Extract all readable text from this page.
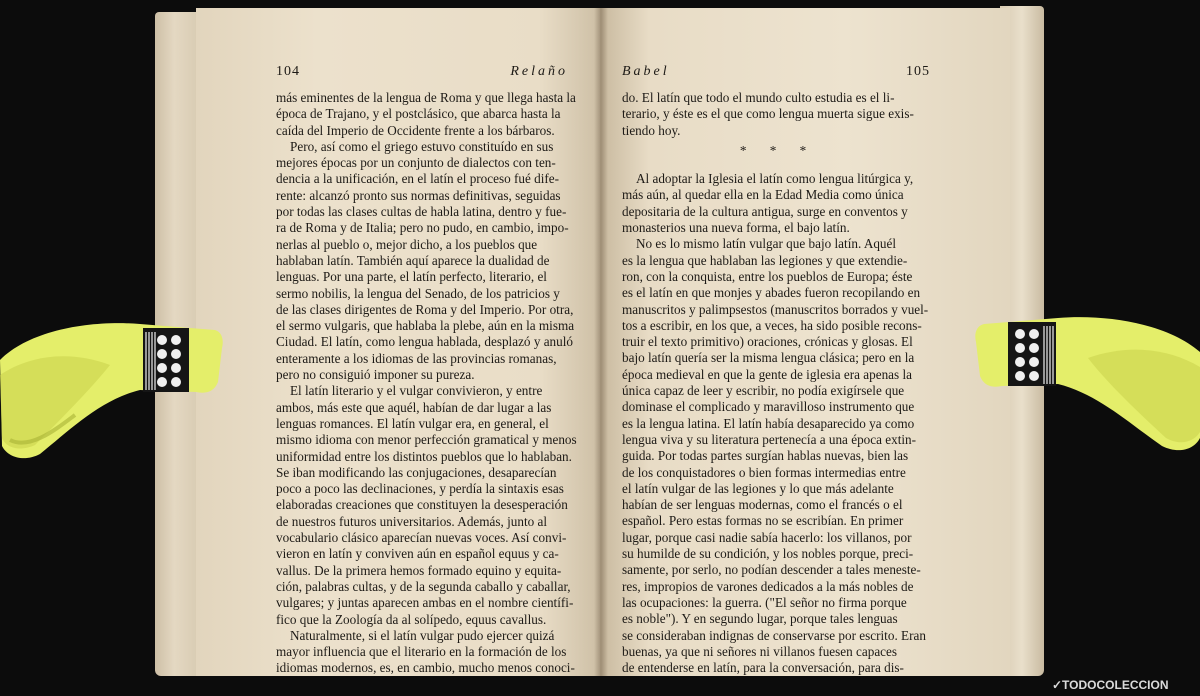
104	Relaño
más eminentes de la lengua de Roma y que llega hasta la
época de Trajano, y el postclásico, que abarca hasta la
caída del Imperio de Occidente frente a los bárbaros.
Pero, así como el griego estuvo constituído en sus
mejores épocas por un conjunto de dialectos con ten-
dencia a la unificación, en el latín el proceso fué dife-
rente: alcanzó pronto sus normas definitivas, seguidas
por todas las clases cultas de habla latina, dentro y fue-
ra de Roma y de Italia; pero no pudo, en cambio, impo-
nerlas al pueblo o, mejor dicho, a los pueblos que
hablaban latín. También aquí aparece la dualidad de
lenguas. Por una parte, el latín perfecto, literario, el
sermo nobilis, la lengua del Senado, de los patricios y
de las clases dirigentes de Roma y del Imperio. Por otra,
el sermo vulgaris, que hablaba la plebe, aún en la misma
Ciudad. El latín, como lengua hablada, desplazó y anuló
enteramente a los idiomas de las provincias romanas,
pero no consiguió imponer su pureza.
El latín literario y el vulgar convivieron, y entre
ambos, más este que aquél, habían de dar lugar a las
lenguas romances. El latín vulgar era, en general, el
mismo idioma con menor perfección gramatical y menos
uniformidad entre los distintos pueblos que lo hablaban.
Se iban modificando las conjugaciones, desaparecían
poco a poco las declinaciones, y perdía la sintaxis esas
elaboradas creaciones que constituyen la desesperación
de nuestros futuros universitarios. Además, junto al
vocabulario clásico aparecían nuevas voces. Así convi-
vieron en latín y conviven aún en español equus y ca-
vallus. De la primera hemos formado equino y equita-
ción, palabras cultas, y de la segunda caballo y caballar,
vulgares; y juntas aparecen ambas en el nombre científi-
fico que la Zoología da al solípedo, equus cavallus.
Naturalmente, si el latín vulgar pudo ejercer quizá
mayor influencia que el literario en la formación de los
idiomas modernos, es, en cambio, mucho menos conoci-
Babel	105
do. El latín que todo el mundo culto estudia es el li-
terario, y éste es el que como lengua muerta sigue exis-
tiendo hoy.
* * *
Al adoptar la Iglesia el latín como lengua litúrgica y,
más aún, al quedar ella en la Edad Media como única
depositaria de la cultura antigua, surge en conventos y
monasterios una nueva forma, el bajo latín.
No es lo mismo latín vulgar que bajo latín. Aquél
es la lengua que hablaban las legiones y que extendie-
ron, con la conquista, entre los pueblos de Europa; éste
es el latín en que monjes y abades fueron recopilando en
manuscritos y palimpsestos (manuscritos borrados y vuel-
tos a escribir, en los que, a veces, ha sido posible recons-
truir el texto primitivo) oraciones, crónicas y glosas. El
bajo latín quería ser la misma lengua clásica; pero en la
época medieval en que la gente de iglesia era apenas la
única capaz de leer y escribir, no podía exigírsele que
dominase el complicado y maravilloso instrumento que
es la lengua latina. El latín había desaparecido ya como
lengua viva y su literatura pertenecía a una época extin-
guida. Por todas partes surgían hablas nuevas, bien las
de los conquistadores o bien formas intermedias entre
el latín vulgar de las legiones y lo que más adelante
habían de ser lenguas modernas, como el francés o el
español. Pero estas formas no se escribían. En primer
lugar, porque casi nadie sabía hacerlo: los villanos, por
su humilde de su condición, y los nobles porque, preci-
samente, por serlo, no podían descender a tales meneste-
res, impropios de varones dedicados a la más nobles de
las ocupaciones: la guerra. ("El señor no firma porque
es noble"). Y en segundo lugar, porque tales lenguas
se consideraban indignas de conservarse por escrito. Eran
buenas, ya que ni señores ni villanos fuesen capaces
de entenderse en latín, para la conversación, para dis-
✓TODOCOLECCION
